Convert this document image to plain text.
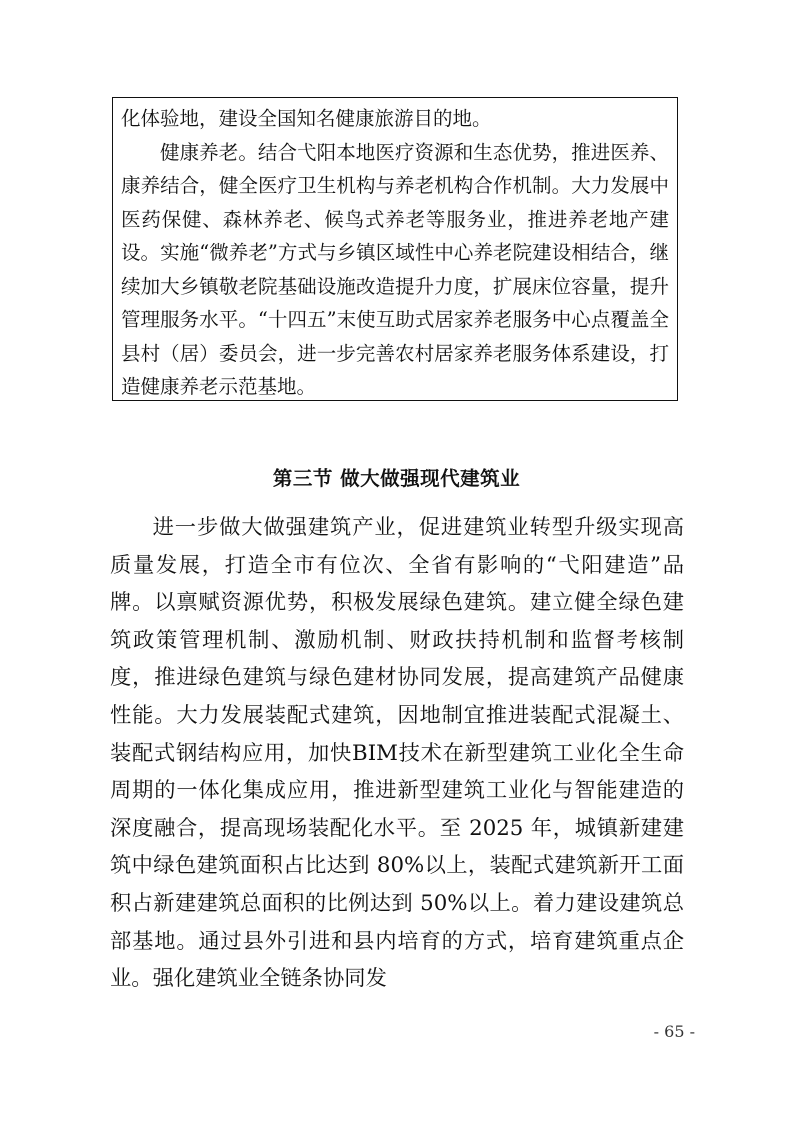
化体验地，建设全国知名健康旅游目的地。

健康养老。结合弋阳本地医疗资源和生态优势，推进医养、康养结合，健全医疗卫生机构与养老机构合作机制。大力发展中医药保健、森林养老、候鸟式养老等服务业，推进养老地产建设。实施“微养老”方式与乡镇区域性中心养老院建设相结合，继续加大乡镇敬老院基础设施改造提升力度，扩展床位容量，提升管理服务水平。“十四五”末使互助式居家养老服务中心点覆盖全县村（居）委员会，进一步完善农村居家养老服务体系建设，打造健康养老示范基地。

第三节 做大做强现代建筑业

进一步做大做强建筑产业，促进建筑业转型升级实现高质量发展，打造全市有位次、全省有影响的“弋阳建造”品牌。以禀赋资源优势，积极发展绿色建筑。建立健全绿色建筑政策管理机制、激励机制、财政扶持机制和监督考核制度，推进绿色建筑与绿色建材协同发展，提高建筑产品健康性能。大力发展装配式建筑，因地制宜推进装配式混凝土、装配式钢结构应用，加快BIM技术在新型建筑工业化全生命周期的一体化集成应用，推进新型建筑工业化与智能建造的深度融合，提高现场装配化水平。至 2025 年，城镇新建建筑中绿色建筑面积占比达到 80%以上，装配式建筑新开工面积占新建建筑总面积的比例达到 50%以上。着力建设建筑总部基地。通过县外引进和县内培育的方式，培育建筑重点企业。强化建筑业全链条协同发

- 65 -
